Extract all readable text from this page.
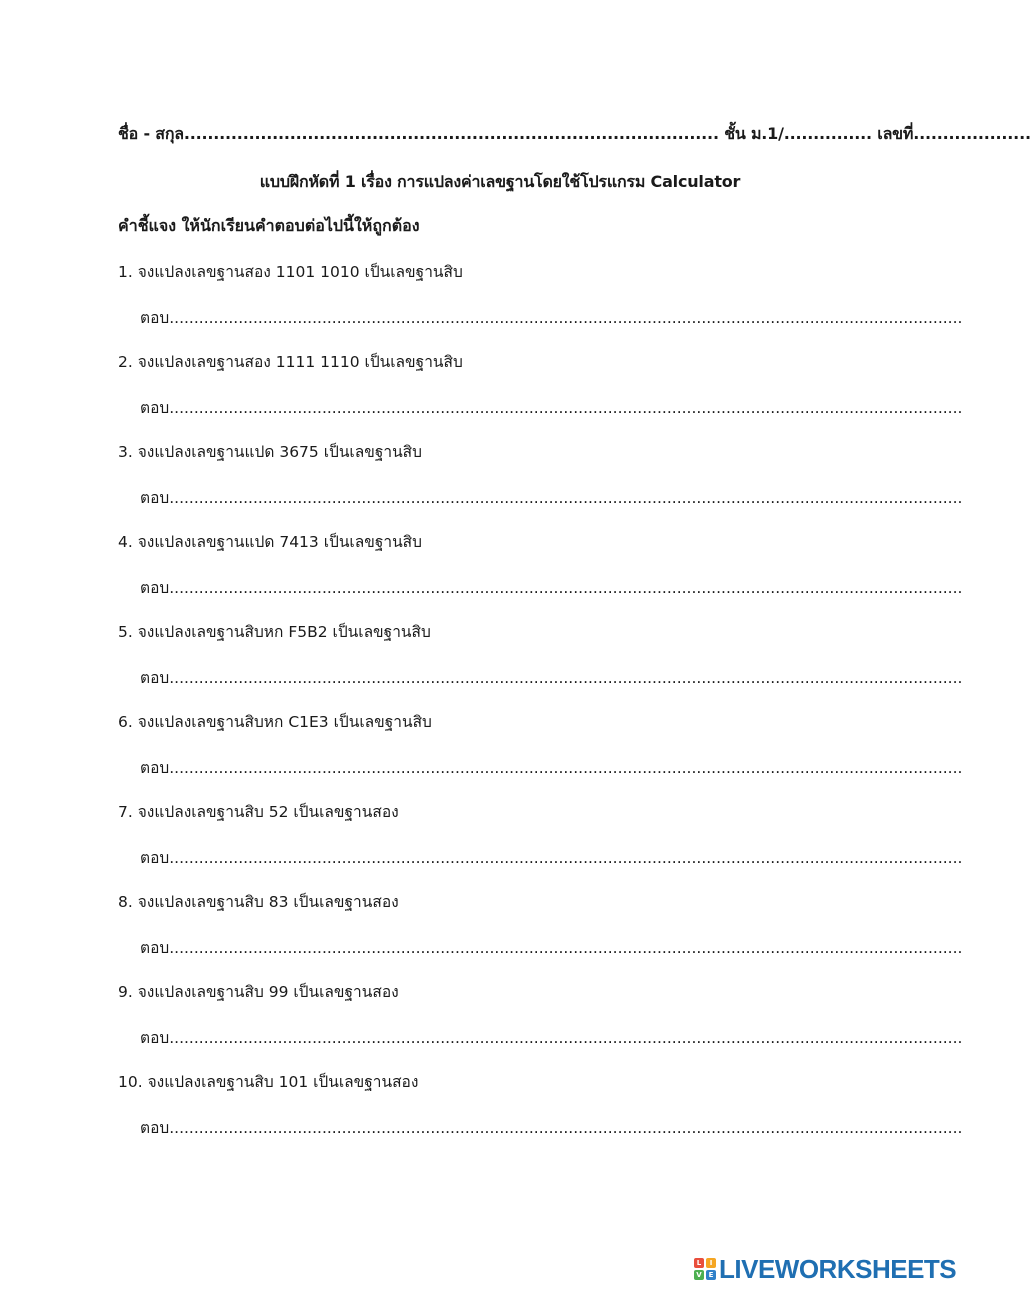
ชื่อ - สกุล........................................................................................... ชั้น ม.1/............... เลขที่....................
แบบฝึกหัดที่ 1 เรื่อง การแปลงค่าเลขฐานโดยใช้โปรแกรม Calculator
คำชี้แจง ให้นักเรียนคำตอบต่อไปนี้ให้ถูกต้อง
1. จงแปลงเลขฐานสอง 1101 1010 เป็นเลขฐานสิบ
ตอบ.................................................................................................................................................................
2. จงแปลงเลขฐานสอง 1111 1110 เป็นเลขฐานสิบ
ตอบ.................................................................................................................................................................
3. จงแปลงเลขฐานแปด 3675 เป็นเลขฐานสิบ
ตอบ.................................................................................................................................................................
4. จงแปลงเลขฐานแปด 7413 เป็นเลขฐานสิบ
ตอบ.................................................................................................................................................................
5. จงแปลงเลขฐานสิบหก F5B2 เป็นเลขฐานสิบ
ตอบ.................................................................................................................................................................
6. จงแปลงเลขฐานสิบหก C1E3 เป็นเลขฐานสิบ
ตอบ.................................................................................................................................................................
7. จงแปลงเลขฐานสิบ 52 เป็นเลขฐานสอง
ตอบ.................................................................................................................................................................
8. จงแปลงเลขฐานสิบ 83 เป็นเลขฐานสอง
ตอบ.................................................................................................................................................................
9. จงแปลงเลขฐานสิบ 99 เป็นเลขฐานสอง
ตอบ.................................................................................................................................................................
10. จงแปลงเลขฐานสิบ 101 เป็นเลขฐานสอง
ตอบ.................................................................................................................................................................
L	I
V E LIVEWORKSHEETS
